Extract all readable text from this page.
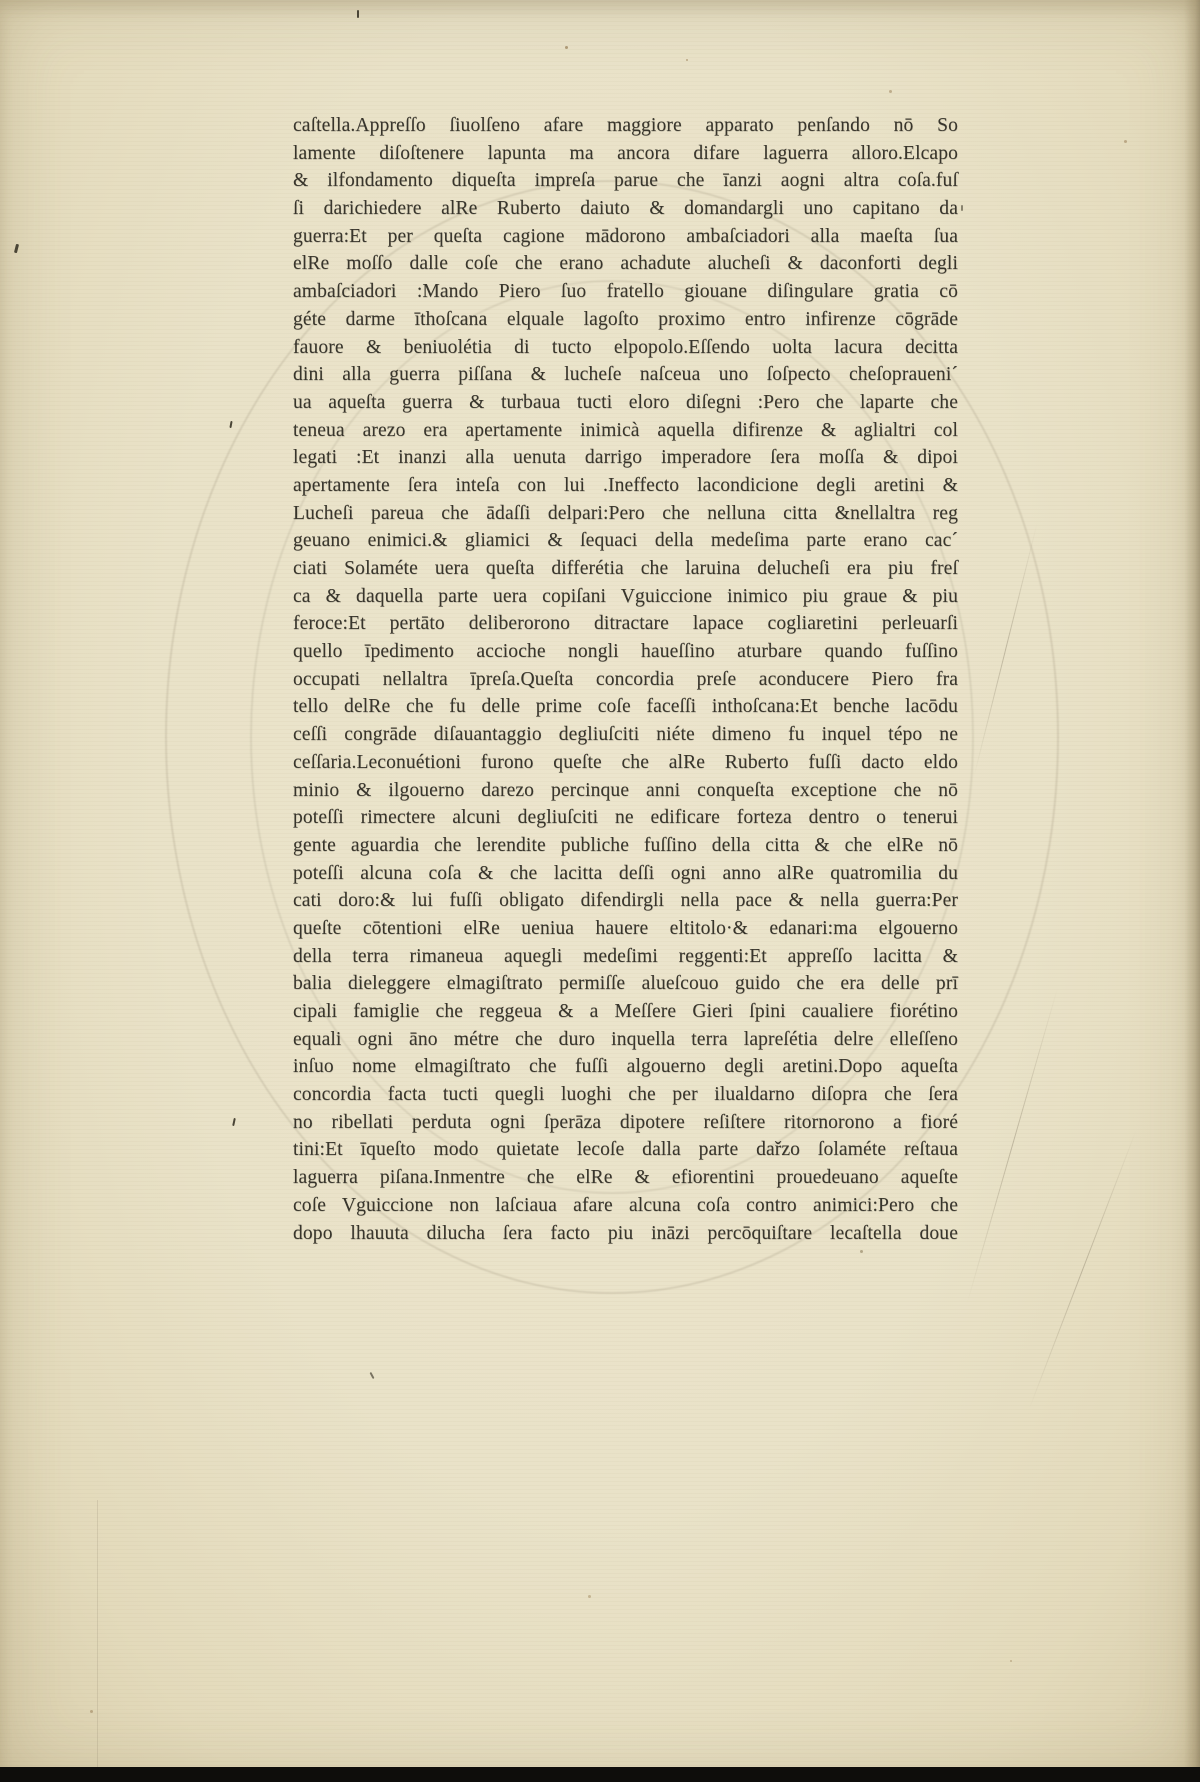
caſtella.Appreſſo ſiuolſeno afare maggiore apparato penſando nō So
lamente diſoſtenere lapunta ma ancora difare laguerra alloro.Elcapo
& ilfondamento diqueſta impreſa parue che īanzi aogni altra coſa.fuſ
ſi darichiedere alRe Ruberto daiuto & domandargli uno capitano da
guerra:Et per queſta cagione mādorono ambaſciadori alla maeſta ſua
elRe moſſo dalle coſe che erano achadute alucheſi & daconforti degli
ambaſciadori :Mando Piero ſuo fratello giouane diſingulare gratia cō
géte darme īthoſcana elquale lagoſto proximo entro infirenze cōgrāde
fauore & beniuolétia di tucto elpopolo.Eſſendo uolta lacura decitta
dini alla guerra piſſana & lucheſe naſceua uno ſoſpecto cheſopraueni´
ua aqueſta guerra & turbaua tucti eloro diſegni :Pero che laparte che
teneua arezo era apertamente inimicà aquella difirenze & aglialtri col
legati :Et inanzi alla uenuta darrigo imperadore ſera moſſa & dipoi
apertamente ſera inteſa con lui .Ineffecto lacondicione degli aretini &
Lucheſi pareua che ādaſſi delpari:Pero che nelluna citta &nellaltra reg
geuano enimici.& gliamici & ſequaci della medeſima parte erano cac´
ciati Solaméte uera queſta differétia che laruina delucheſi era piu freſ
ca & daquella parte uera copiſani Vguiccione inimico piu graue & piu
feroce:Et pertāto deliberorono ditractare lapace cogliaretini perleuarſi
quello īpedimento accioche nongli haueſſino aturbare quando fuſſino
occupati nellaltra īpreſa.Queſta concordia preſe aconducere Piero fra
tello delRe che fu delle prime coſe faceſſi inthoſcana:Et benche lacōdu
ceſſi congrāde diſauantaggio degliuſciti niéte dimeno fu inquel tépo ne
ceſſaria.Leconuétioni furono queſte che alRe Ruberto fuſſi dacto eldo
minio & ilgouerno darezo percinque anni conqueſta exceptione che nō
poteſſi rimectere alcuni degliuſciti ne edificare forteza dentro o tenerui
gente aguardia che lerendite publiche fuſſino della citta & che elRe nō
poteſſi alcuna coſa & che lacitta deſſi ogni anno alRe quatromilia du
cati doro:& lui fuſſi obligato difendirgli nella pace & nella guerra:Per
queſte cōtentioni elRe ueniua hauere eltitolo·& edanari:ma elgouerno
della terra rimaneua aquegli medeſimi reggenti:Et appreſſo lacitta &
balia dieleggere elmagiſtrato permiſſe alueſcouo guido che era delle prī
cipali famiglie che reggeua & a Meſſere Gieri ſpini caualiere fiorétino
equali ogni āno métre che duro inquella terra lapreſétia delre elleſſeno
inſuo nome elmagiſtrato che fuſſi algouerno degli aretini.Dopo aqueſta
concordia facta tucti quegli luoghi che per ilualdarno diſopra che ſera
no ribellati perduta ogni ſperāza dipotere reſiſtere ritornorono a fioré
tini:Et īqueſto modo quietate lecoſe dalla parte dařzo ſolaméte reſtaua
laguerra piſana.Inmentre che elRe & efiorentini prouedeuano aqueſte
coſe Vguiccione non laſciaua afare alcuna coſa contro animici:Pero che
dopo lhauuta dilucha ſera facto piu ināzi percōquiſtare lecaſtella doue
